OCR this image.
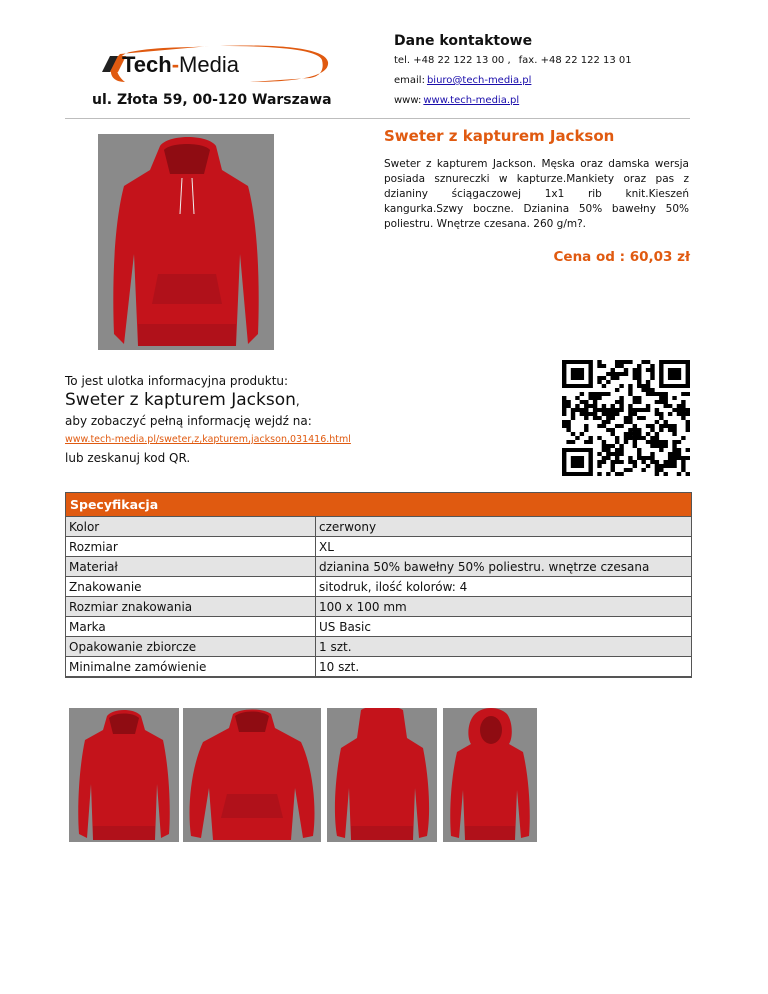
Tech-Media
ul. Złota 59, 00-120 Warszawa
Dane kontaktowe
tel. +48 22 122 13 00 , fax. +48 22 122 13 01
email: biuro@tech-media.pl
www: www.tech-media.pl
Sweter z kapturem Jackson
Sweter z kapturem Jackson. Męska oraz damska wersja posiada sznureczki w kapturze.Mankiety oraz pas z dzianiny ściągaczowej 1x1 rib knit.Kieszeń kangurka.Szwy boczne. Dzianina 50% bawełny 50% poliestru. Wnętrze czesana. 260 g/m?.
Cena od : 60,03 zł
To jest ulotka informacyjna produktu:
Sweter z kapturem Jackson,
aby zobaczyć pełną informację wejdź na:
www.tech-media.pl/sweter,z,kapturem,jackson,031416.html
lub zeskanuj kod QR.
Specyfikacja
Kolor	czerwony
Rozmiar	XL
Materiał	dzianina 50% bawełny 50% poliestru. wnętrze czesana
Znakowanie	sitodruk, ilość kolorów: 4
Rozmiar znakowania	100 x 100 mm
Marka	US Basic
Opakowanie zbiorcze	1 szt.
Minimalne zamówienie	10 szt.
